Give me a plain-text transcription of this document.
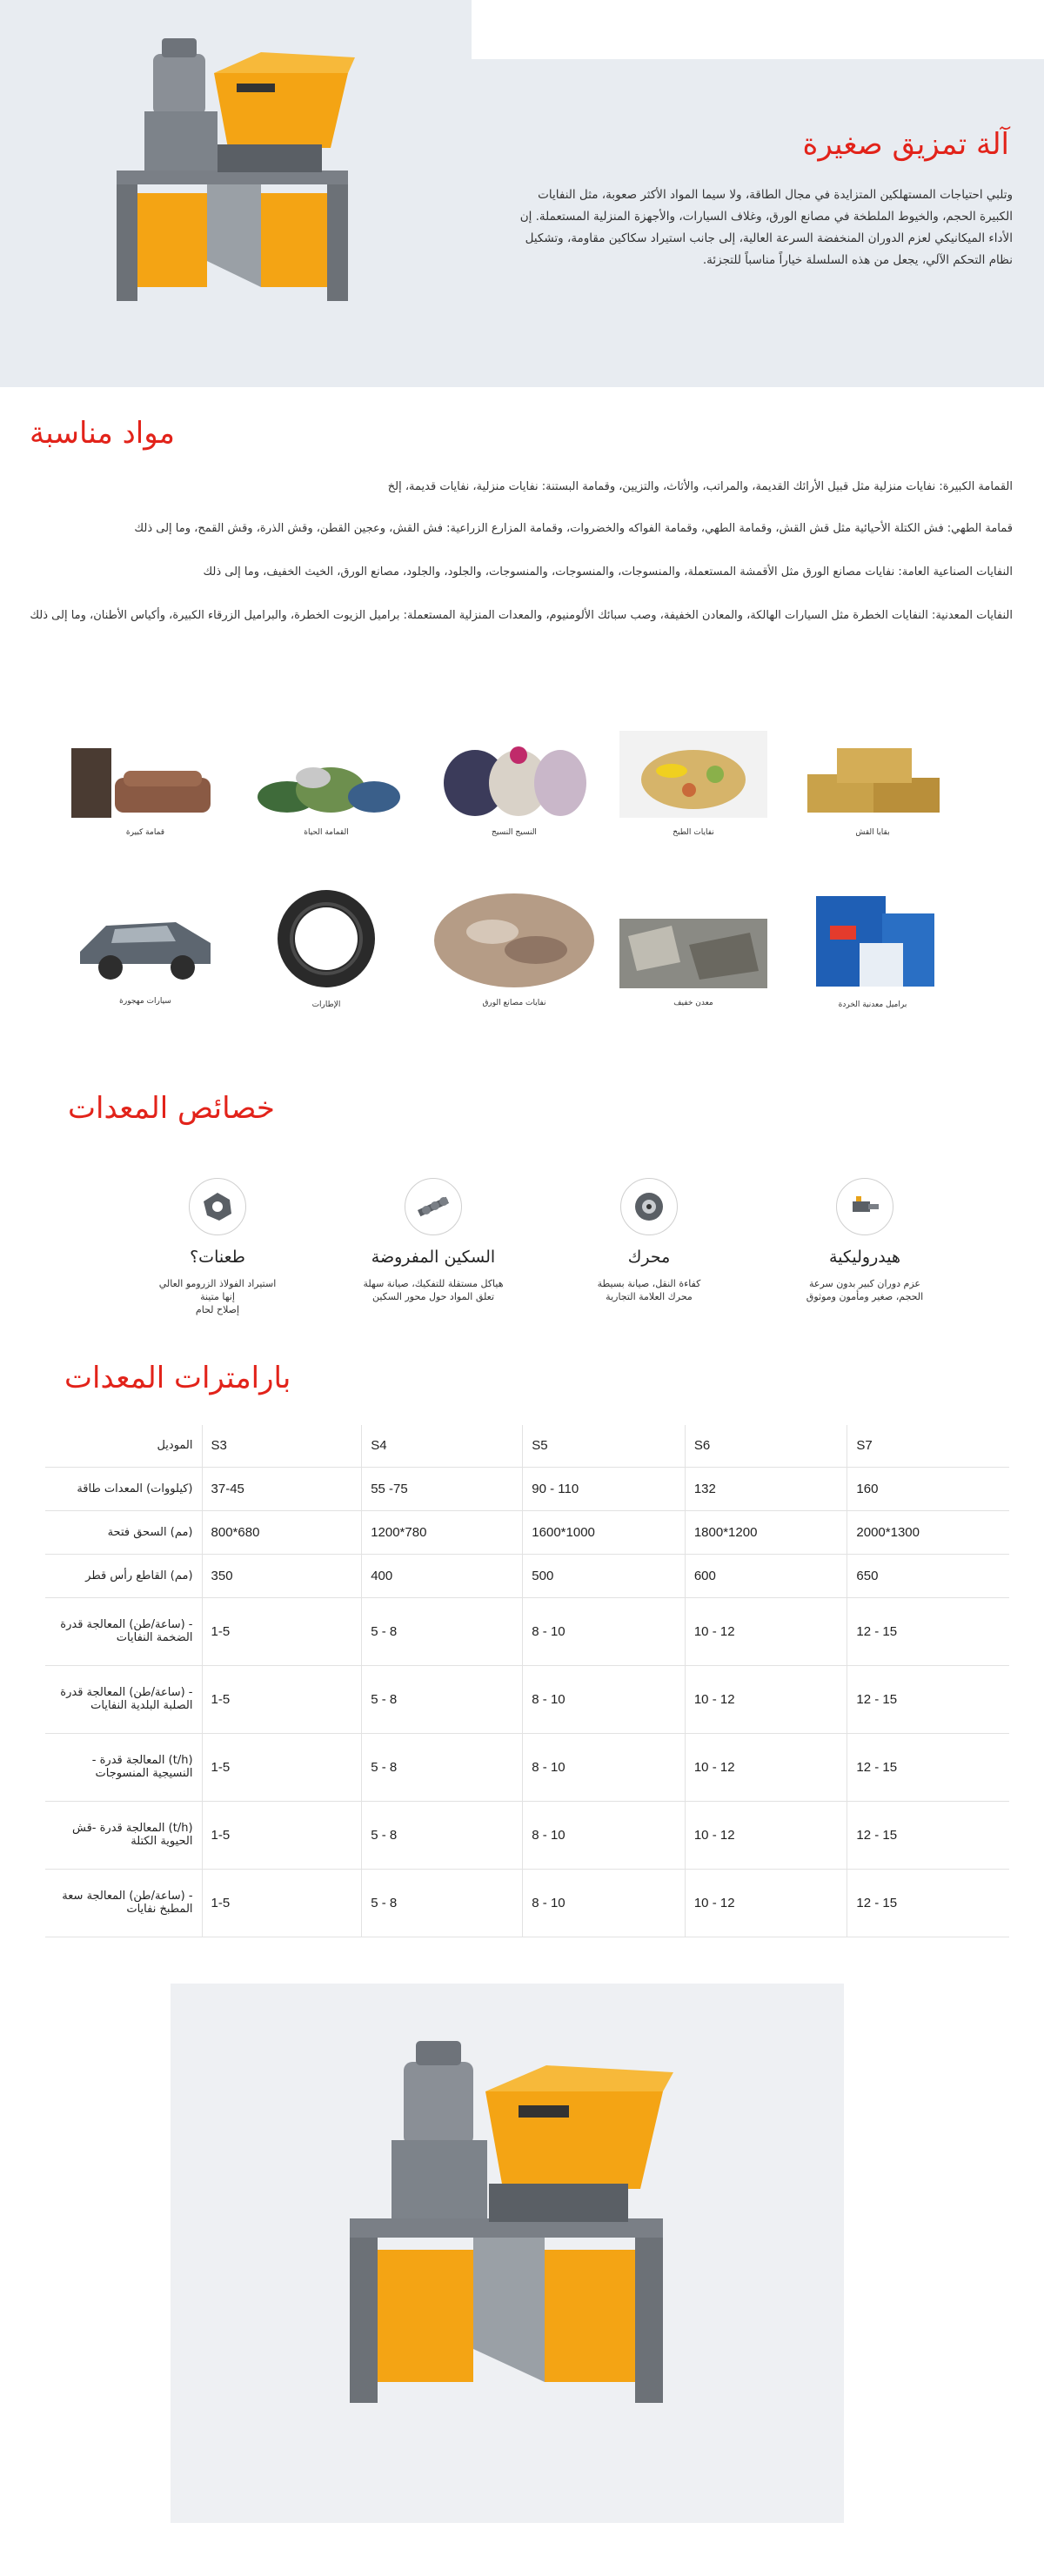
آلة تمزيق صغيرة
وتلبي احتياجات المستهلكين المتزايدة في مجال الطاقة، ولا سيما المواد الأكثر صعوبة، مثل النفايات الكبيرة الحجم، والخيوط الملطخة في مصانع الورق، وغلاف السيارات، والأجهزة المنزلية المستعملة. إن الأداء الميكانيكي لعزم الدوران المنخفضة السرعة العالية، إلى جانب استيراد سكاكين مقاومة، وتشكيل نظام التحكم الآلي، يجعل من هذه السلسلة خياراً مناسباً للتجزئة.
مواد مناسبة
القمامة الكبيرة: نفايات منزلية مثل قبيل الأرائك القديمة، والمراتب، والأثاث، والتزيين، وقمامة البستنة: نفايات منزلية، نفايات قديمة، إلخ
قمامة الطهي: فش الكتلة الأحيائية مثل قش القش، وقمامة الطهي، وقمامة الفواكه والخضروات، وقمامة المزارع الزراعية: فش القش، وعجين القطن، وقش الذرة، وقش القمح، وما إلى ذلك
النفايات الصناعية العامة: نفايات مصانع الورق مثل الأقمشة المستعملة، والمنسوجات، والمنسوجات، والمنسوجات، والجلود، والجلود، مصانع الورق، الخيث الخفيف، وما إلى ذلك
النفايات المعدنية: النفايات الخطرة مثل السيارات الهالكة، والمعادن الخفيفة، وصب سبائك الألومنيوم، والمعدات المنزلية المستعملة: براميل الزيوت الخطرة، والبراميل الزرقاء الكبيرة، وأكياس الأطنان، وما إلى ذلك
قمامة كبيرة	القمامة الحياة	النسيج النسيج	نفايات الطبخ	بقايا القش
سيارات مهجورة	الإطارات	نفايات مصانع الورق	معدن خفيف	براميل معدنية الخردة
خصائص المعدات
طعنات؟
استيراد الفولاذ الزرومو العالي
إنها متينة
إصلاح لحام
السكين المفروضة
هياكل مستقلة للتفكيك، صيانة سهلة
تعلق المواد حول محور السكين
محرك
كفاءة النقل، صيانة بسيطة
محرك العلامة التجارية
هيدروليكية
عزم دوران كبير بدون سرعة
الحجم، صغير ومأمون وموثوق
بارامترات المعدات
الموديل	S3	S4	S5	S6	S7
(كيلووات) المعدات طاقة	37-45	55 -75	90 - 110	132	160
(مم) السحق فتحة	800*680	1200*780	1600*1000	1800*1200	2000*1300
(مم) القاطع رأس قطر	350	400	500	600	650
- (ساعة/طن) المعالجة قدرة الضخمة النفايات	1-5	5 - 8	8 - 10	10 - 12	12 - 15
- (ساعة/طن) المعالجة قدرة الصلبة البلدية النفايات	1-5	5 - 8	8 - 10	10 - 12	12 - 15
(t/h) المعالجة قدرة - النسيجية المنسوجات	1-5	5 - 8	8 - 10	10 - 12	12 - 15
(t/h) المعالجة قدرة -قش الحيوية الكتلة	1-5	5 - 8	8 - 10	10 - 12	12 - 15
- (ساعة/طن) المعالجة سعة المطبخ نفايات	1-5	5 - 8	8 - 10	10 - 12	12 - 15
